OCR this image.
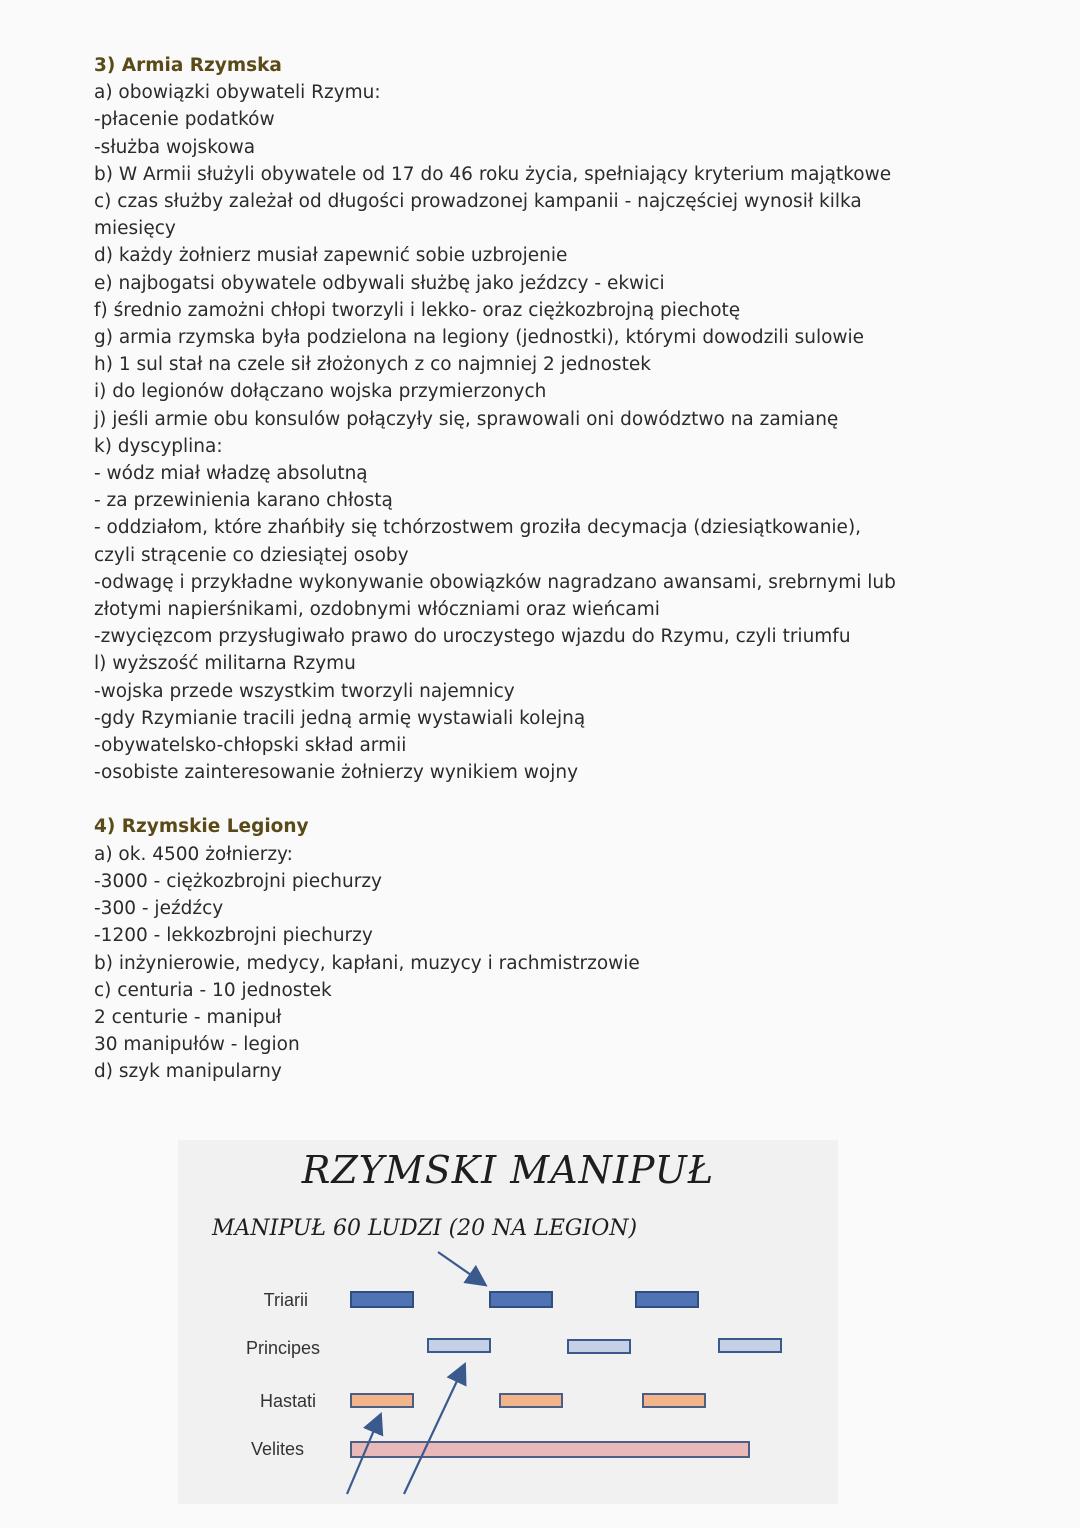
3) Armia Rzymska
a) obowiązki obywateli Rzymu:
-płacenie podatków
-służba wojskowa
b) W Armii służyli obywatele od 17 do 46 roku życia, spełniający kryterium majątkowe
c) czas służby zależał od długości prowadzonej kampanii - najczęściej wynosił kilka
miesięcy
d) każdy żołnierz musiał zapewnić sobie uzbrojenie
e) najbogatsi obywatele odbywali służbę jako jeźdzcy - ekwici
f) średnio zamożni chłopi tworzyli i lekko- oraz ciężkozbrojną piechotę
g) armia rzymska była podzielona na legiony (jednostki), którymi dowodzili sulowie
h) 1 sul stał na czele sił złożonych z co najmniej 2 jednostek
i) do legionów dołączano wojska przymierzonych
j) jeśli armie obu konsulów połączyły się, sprawowali oni dowództwo na zamianę
k) dyscyplina:
- wódz miał władzę absolutną
- za przewinienia karano chłostą
- oddziałom, które zhańbiły się tchórzostwem groziła decymacja (dziesiątkowanie),
czyli strącenie co dziesiątej osoby
-odwagę i przykładne wykonywanie obowiązków nagradzano awansami, srebrnymi lub
złotymi napierśnikami, ozdobnymi włóczniami oraz wieńcami
-zwycięzcom przysługiwało prawo do uroczystego wjazdu do Rzymu, czyli triumfu
l) wyższość militarna Rzymu
-wojska przede wszystkim tworzyli najemnicy
-gdy Rzymianie tracili jedną armię wystawiali kolejną
-obywatelsko-chłopski skład armii
-osobiste zainteresowanie żołnierzy wynikiem wojny
4) Rzymskie Legiony
a) ok. 4500 żołnierzy:
-3000 - ciężkozbrojni piechurzy
-300 - jeźdźcy
-1200 - lekkozbrojni piechurzy
b) inżynierowie, medycy, kapłani, muzycy i rachmistrzowie
c) centuria - 10 jednostek
2 centurie - manipuł
30 manipułów - legion
d) szyk manipularny
RZYMSKI MANIPUŁ
MANIPUŁ 60 LUDZI (20 NA LEGION)
Triarii
Principes
Hastati
Velites
